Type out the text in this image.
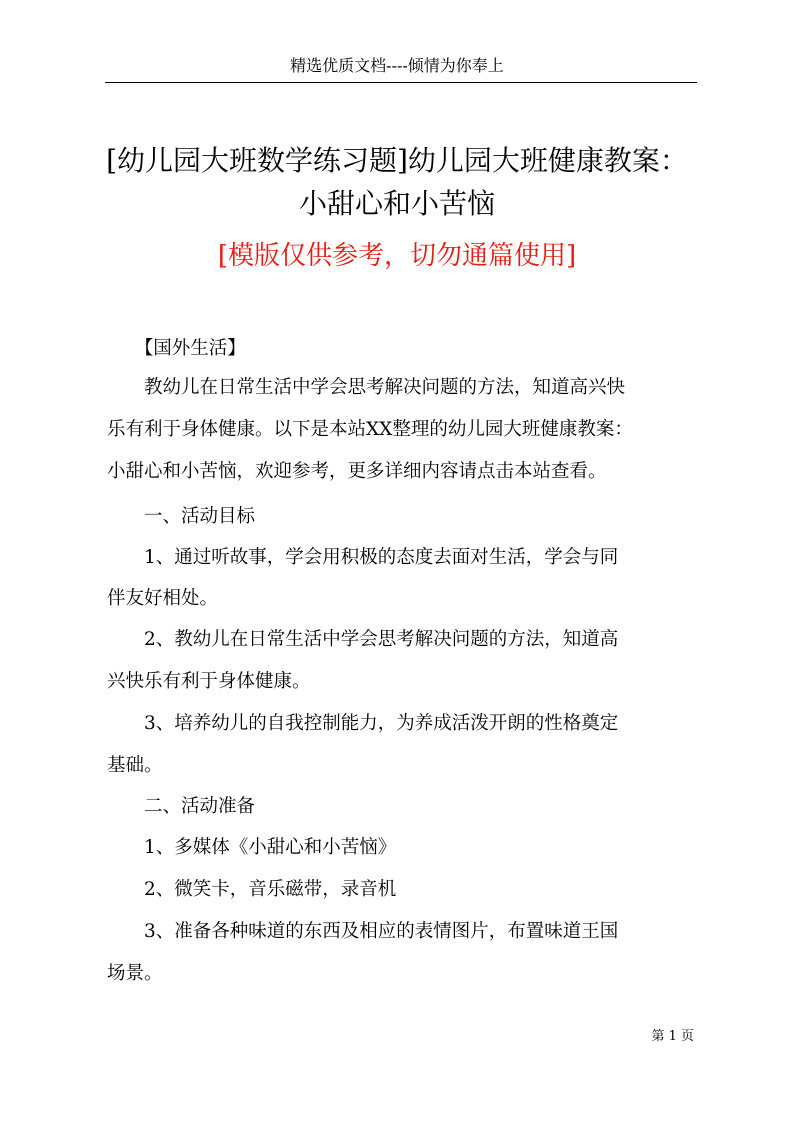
精选优质文档----倾情为你奉上
[幼儿园大班数学练习题]幼儿园大班健康教案：
小甜心和小苦恼
[模版仅供参考，切勿通篇使用]
　　【国外生活】
　　教幼儿在日常生活中学会思考解决问题的方法，知道高兴快
乐有利于身体健康。以下是本站XX整理的幼儿园大班健康教案：
小甜心和小苦恼，欢迎参考，更多详细内容请点击本站查看。
　　一、活动目标
　　1、通过听故事，学会用积极的态度去面对生活，学会与同
伴友好相处。
　　2、教幼儿在日常生活中学会思考解决问题的方法，知道高
兴快乐有利于身体健康。
　　3、培养幼儿的自我控制能力，为养成活泼开朗的性格奠定
基础。
　　二、活动准备
　　1、多媒体《小甜心和小苦恼》
　　2、微笑卡，音乐磁带，录音机
　　3、准备各种味道的东西及相应的表情图片，布置味道王国
场景。
第 1 页
